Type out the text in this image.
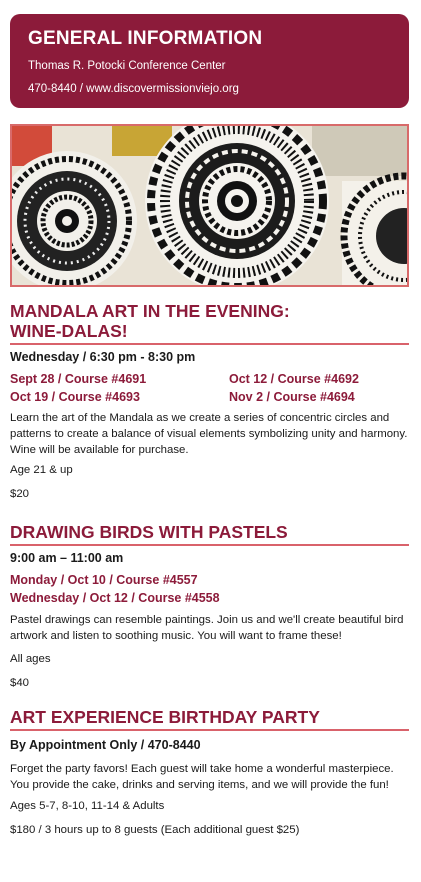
GENERAL INFORMATION
Thomas R. Potocki Conference Center
470-8440 / www.discovermissionviejo.org
MANDALA ART IN THE EVENING:
WINE-DALAS!
Wednesday / 6:30 pm - 8:30 pm
Sept 28 / Course #4691	Oct 12 / Course #4692
Oct 19 / Course #4693	Nov 2 / Course #4694
Learn the art of the Mandala as we create a series of concentric circles and patterns to create a balance of visual elements symbolizing unity and harmony. Wine will be available for purchase.
Age 21 & up
$20
DRAWING BIRDS WITH PASTELS
9:00 am – 11:00 am
Monday / Oct 10 / Course #4557
Wednesday / Oct 12 / Course #4558
Pastel drawings can resemble paintings. Join us and we'll create beautiful bird artwork and listen to soothing music. You will want to frame these!
All ages
$40
ART EXPERIENCE BIRTHDAY PARTY
By Appointment Only / 470-8440
Forget the party favors! Each guest will take home a wonderful masterpiece. You provide the cake, drinks and serving items, and we will provide the fun!
Ages 5-7, 8-10, 11-14 & Adults
$180 / 3 hours up to 8 guests (Each additional guest $25)
